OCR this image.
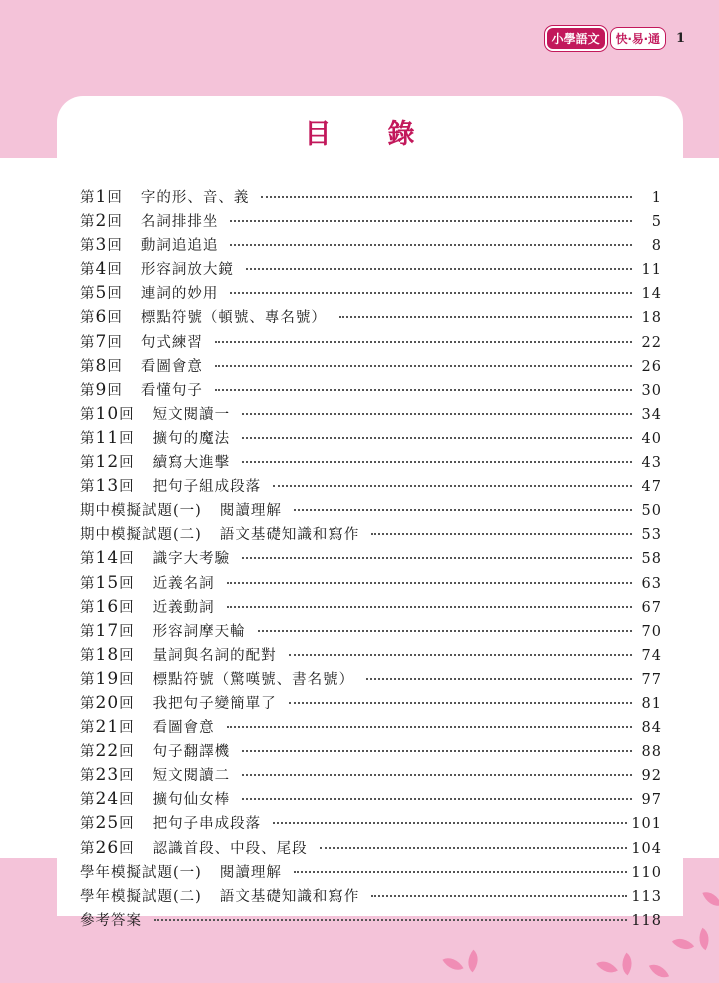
小學語文	快‧易‧通	1
目錄
第 1 回 字的形、音、義	1
第 2 回 名詞排排坐	5
第 3 回 動詞追追追	8
第 4 回 形容詞放大鏡	11
第 5 回 連詞的妙用	14
第 6 回 標點符號（頓號、專名號）	18
第 7 回 句式練習	22
第 8 回 看圖會意	26
第 9 回 看懂句子	30
第 10 回 短文閱讀一	34
第 11 回 擴句的魔法	40
第 12 回 續寫大進擊	43
第 13 回 把句子組成段落	47
期中模擬試題(一) 閱讀理解	50
期中模擬試題(二) 語文基礎知識和寫作	53
第 14 回 識字大考驗	58
第 15 回 近義名詞	63
第 16 回 近義動詞	67
第 17 回 形容詞摩天輪	70
第 18 回 量詞與名詞的配對	74
第 19 回 標點符號（驚嘆號、書名號）	77
第 20 回 我把句子變簡單了	81
第 21 回 看圖會意	84
第 22 回 句子翻譯機	88
第 23 回 短文閱讀二	92
第 24 回 擴句仙女棒	97
第 25 回 把句子串成段落	101
第 26 回 認識首段、中段、尾段	104
學年模擬試題(一) 閱讀理解	110
學年模擬試題(二) 語文基礎知識和寫作	113
參考答案	118
